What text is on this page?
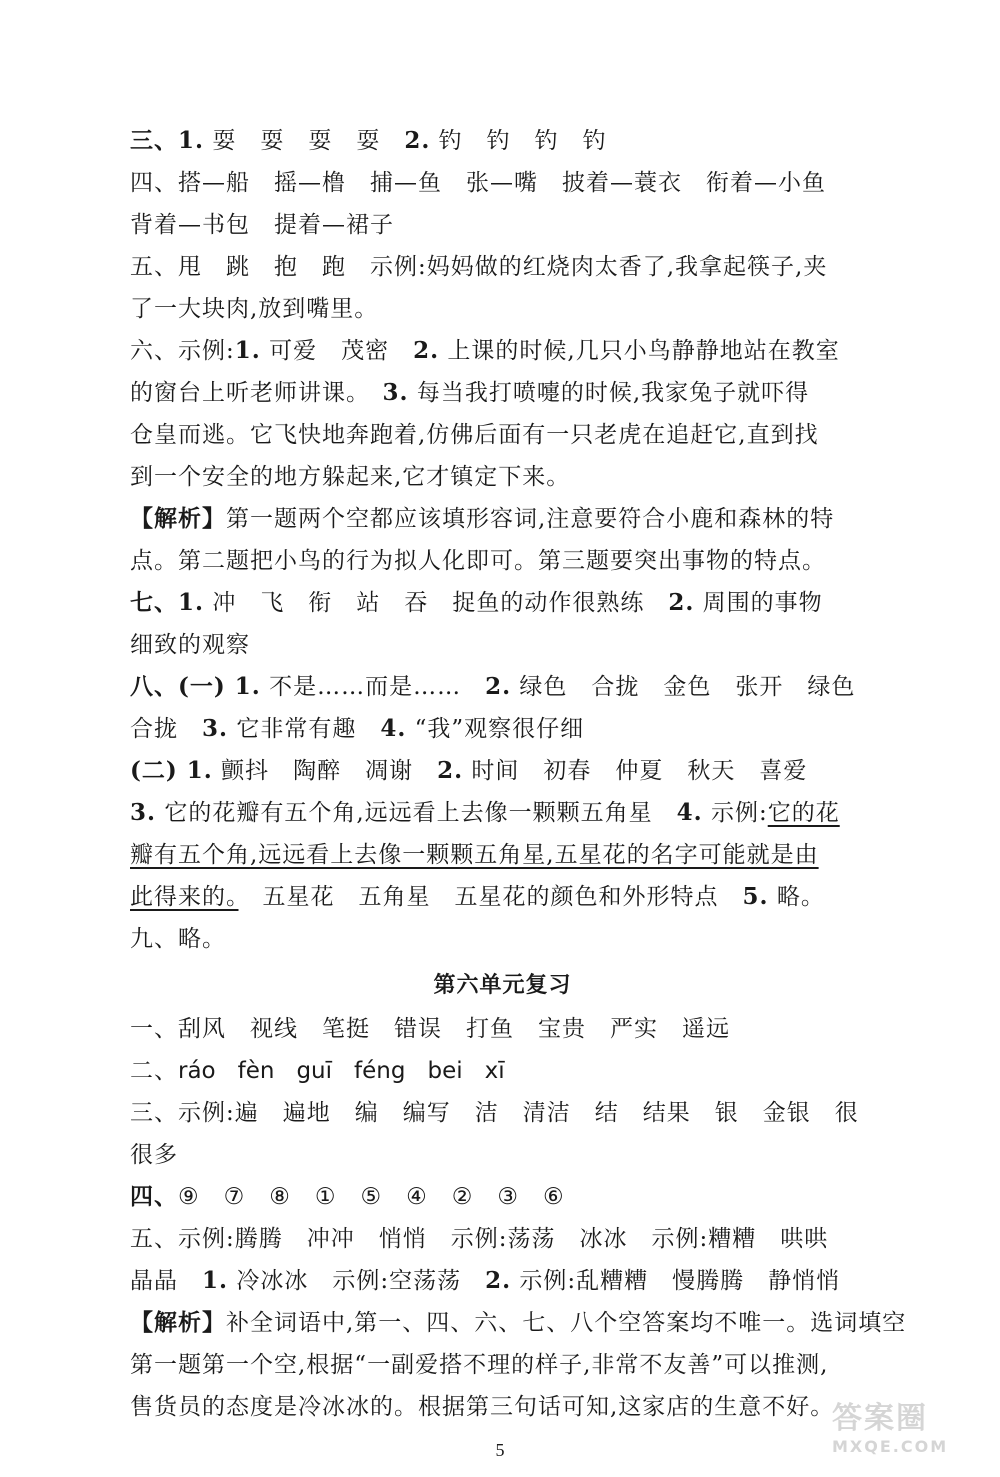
三、1. 耍　耍　耍　耍　2. 钓　钓　钓　钓
四、搭—船　摇—橹　捕—鱼　张—嘴　披着—蓑衣　衔着—小鱼
背着—书包　提着—裙子
五、甩　跳　抱　跑　示例:妈妈做的红烧肉太香了,我拿起筷子,夹
了一大块肉,放到嘴里。
六、示例:1. 可爱　茂密　2. 上课的时候,几只小鸟静静地站在教室
的窗台上听老师讲课。　3. 每当我打喷嚏的时候,我家兔子就吓得
仓皇而逃。它飞快地奔跑着,仿佛后面有一只老虎在追赶它,直到找
到一个安全的地方躲起来,它才镇定下来。
【解析】第一题两个空都应该填形容词,注意要符合小鹿和森林的特
点。第二题把小鸟的行为拟人化即可。第三题要突出事物的特点。
七、1. 冲　飞　衔　站　吞　捉鱼的动作很熟练　2. 周围的事物
细致的观察
八、(一) 1. 不是……而是……　2. 绿色　合拢　金色　张开　绿色
合拢　3. 它非常有趣　4. “我”观察很仔细
(二) 1. 颤抖　陶醉　凋谢　2. 时间　初春　仲夏　秋天　喜爱
3. 它的花瓣有五个角,远远看上去像一颗颗五角星　4. 示例:它的花
瓣有五个角,远远看上去像一颗颗五角星,五星花的名字可能就是由
此得来的。　五星花　五角星　五星花的颜色和外形特点　5. 略。
九、略。
第六单元复习
一、刮风　视线　笔挺　错误　打鱼　宝贵　严实　遥远
二、ráo fèn guī féng bei xī
三、示例:遍　遍地　编　编写　洁　清洁　结　结果　银　金银　很
很多
四、⑨　⑦　⑧　①　⑤　④　②　③　⑥
五、示例:腾腾　冲冲　悄悄　示例:荡荡　冰冰　示例:糟糟　哄哄
晶晶　1. 冷冰冰　示例:空荡荡　2. 示例:乱糟糟　慢腾腾　静悄悄
【解析】补全词语中,第一、四、六、七、八个空答案均不唯一。选词填空
第一题第一个空,根据“一副爱搭不理的样子,非常不友善”可以推测,
售货员的态度是冷冰冰的。根据第三句话可知,这家店的生意不好。
5
答案圈
MXQE.COM
